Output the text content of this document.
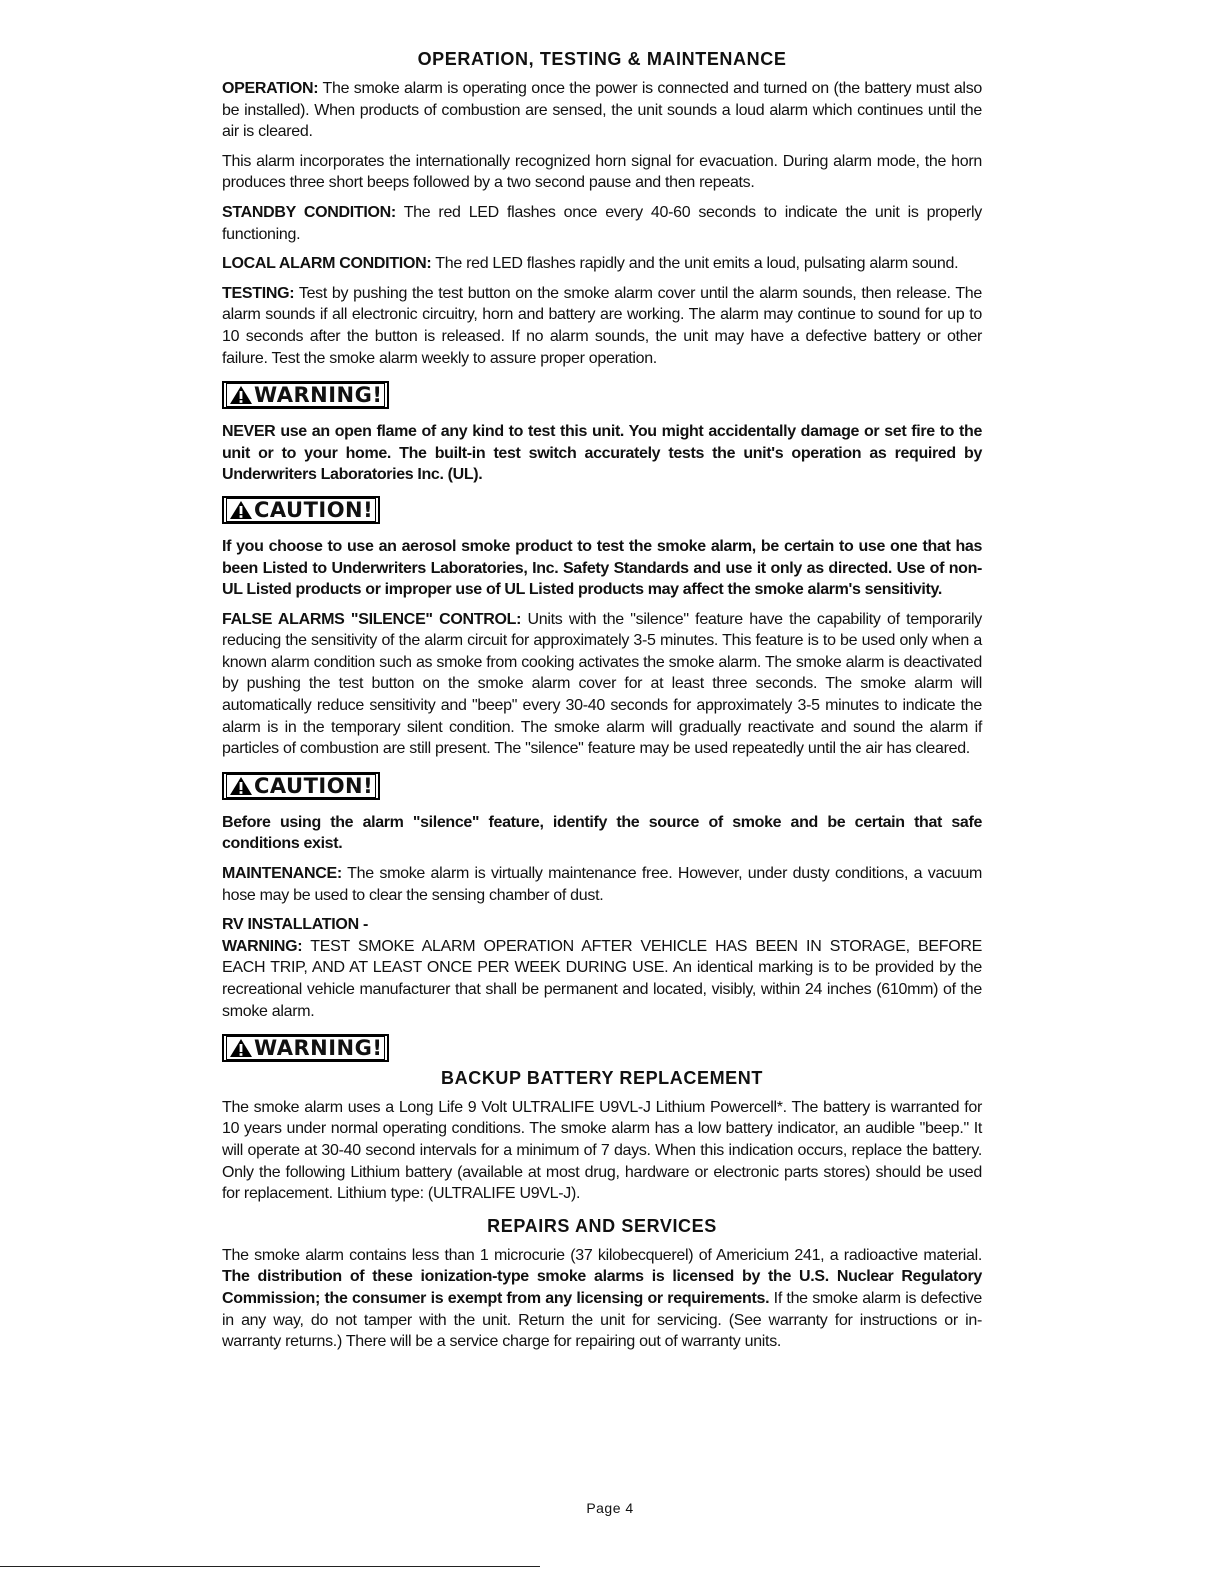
OPERATION, TESTING & MAINTENANCE

OPERATION: The smoke alarm is operating once the power is connected and turned on (the battery must also be installed). When products of combustion are sensed, the unit sounds a loud alarm which continues until the air is cleared.

This alarm incorporates the internationally recognized horn signal for evacuation. During alarm mode, the horn produces three short beeps followed by a two second pause and then repeats.

STANDBY CONDITION: The red LED flashes once every 40-60 seconds to indicate the unit is properly functioning.

LOCAL ALARM CONDITION: The red LED flashes rapidly and the unit emits a loud, pulsating alarm sound.

TESTING: Test by pushing the test button on the smoke alarm cover until the alarm sounds, then release. The alarm sounds if all electronic circuitry, horn and battery are working. The alarm may continue to sound for up to 10 seconds after the button is released. If no alarm sounds, the unit may have a defective battery or other failure. Test the smoke alarm weekly to assure proper operation.

WARNING!

NEVER use an open flame of any kind to test this unit. You might accidentally damage or set fire to the unit or to your home. The built-in test switch accurately tests the unit's operation as required by Underwriters Laboratories Inc. (UL).

CAUTION!

If you choose to use an aerosol smoke product to test the smoke alarm, be certain to use one that has been Listed to Underwriters Laboratories, Inc. Safety Standards and use it only as directed. Use of non-UL Listed products or improper use of UL Listed products may affect the smoke alarm's sensitivity.

FALSE ALARMS "SILENCE" CONTROL: Units with the "silence" feature have the capability of temporarily reducing the sensitivity of the alarm circuit for approximately 3-5 minutes. This feature is to be used only when a known alarm condition such as smoke from cooking activates the smoke alarm. The smoke alarm is deactivated by pushing the test button on the smoke alarm cover for at least three seconds. The smoke alarm will automatically reduce sensitivity and "beep" every 30-40 seconds for approximately 3-5 minutes to indicate the alarm is in the temporary silent condition. The smoke alarm will gradually reactivate and sound the alarm if particles of combustion are still present. The "silence" feature may be used repeatedly until the air has cleared.

CAUTION!

Before using the alarm "silence" feature, identify the source of smoke and be certain that safe conditions exist.

MAINTENANCE: The smoke alarm is virtually maintenance free. However, under dusty conditions, a vacuum hose may be used to clear the sensing chamber of dust.

RV INSTALLATION -

WARNING: TEST SMOKE ALARM OPERATION AFTER VEHICLE HAS BEEN IN STORAGE, BEFORE EACH TRIP, AND AT LEAST ONCE PER WEEK DURING USE. An identical marking is to be provided by the recreational vehicle manufacturer that shall be permanent and located, visibly, within 24 inches (610mm) of the smoke alarm.

WARNING!
BACKUP BATTERY REPLACEMENT

The smoke alarm uses a Long Life 9 Volt ULTRALIFE U9VL-J Lithium Powercell*. The battery is warranted for 10 years under normal operating conditions. The smoke alarm has a low battery indicator, an audible "beep." It will operate at 30-40 second intervals for a minimum of 7 days. When this indication occurs, replace the battery. Only the following Lithium battery (available at most drug, hardware or electronic parts stores) should be used for replacement. Lithium type: (ULTRALIFE U9VL-J).

REPAIRS AND SERVICES

The smoke alarm contains less than 1 microcurie (37 kilobecquerel) of Americium 241, a radioactive material. The distribution of these ionization-type smoke alarms is licensed by the U.S. Nuclear Regulatory Commission; the consumer is exempt from any licensing or requirements. If the smoke alarm is defective in any way, do not tamper with the unit. Return the unit for servicing. (See warranty for instructions or in-warranty returns.) There will be a service charge for repairing out of warranty units.

Page 4
